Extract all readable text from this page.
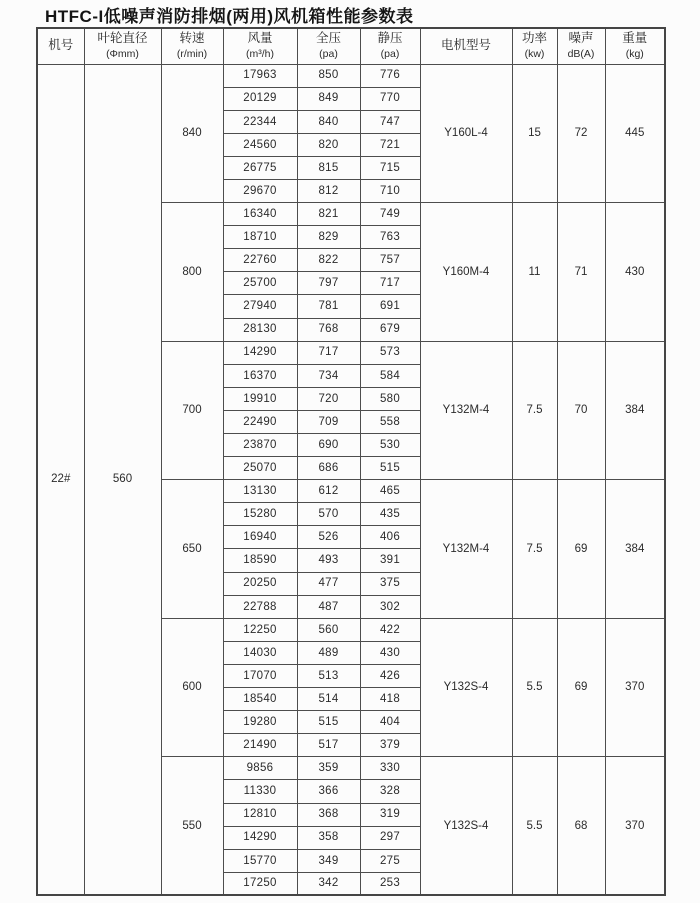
HTFC-I低噪声消防排烟(两用)风机箱性能参数表
机号

叶轮直径
(Φmm)

转速
(r/min)

风量
(m³/h)

全压
(pa)

静压
(pa)

电机型号

功率
(kw)

噪声
dB(A)

重量
(kg)

22#	560	840	17963	850	776	Y160L-4	15	72	445
			20129	849	770				
			22344	840	747				
			24560	820	721				
			26775	815	715				
			29670	812	710				
		800	16340	821	749	Y160M-4	11	71	430
			18710	829	763				
			22760	822	757				
			25700	797	717				
			27940	781	691				
			28130	768	679				
		700	14290	717	573	Y132M-4	7.5	70	384
			16370	734	584				
			19910	720	580				
			22490	709	558				
			23870	690	530				
			25070	686	515				
		650	13130	612	465	Y132M-4	7.5	69	384
			15280	570	435				
			16940	526	406				
			18590	493	391				
			20250	477	375				
			22788	487	302				
		600	12250	560	422	Y132S-4	5.5	69	370
			14030	489	430				
			17070	513	426				
			18540	514	418				
			19280	515	404				
			21490	517	379				
		550	9856	359	330	Y132S-4	5.5	68	370
			11330	366	328				
			12810	368	319				
			14290	358	297				
			15770	349	275				
			17250	342	253				
